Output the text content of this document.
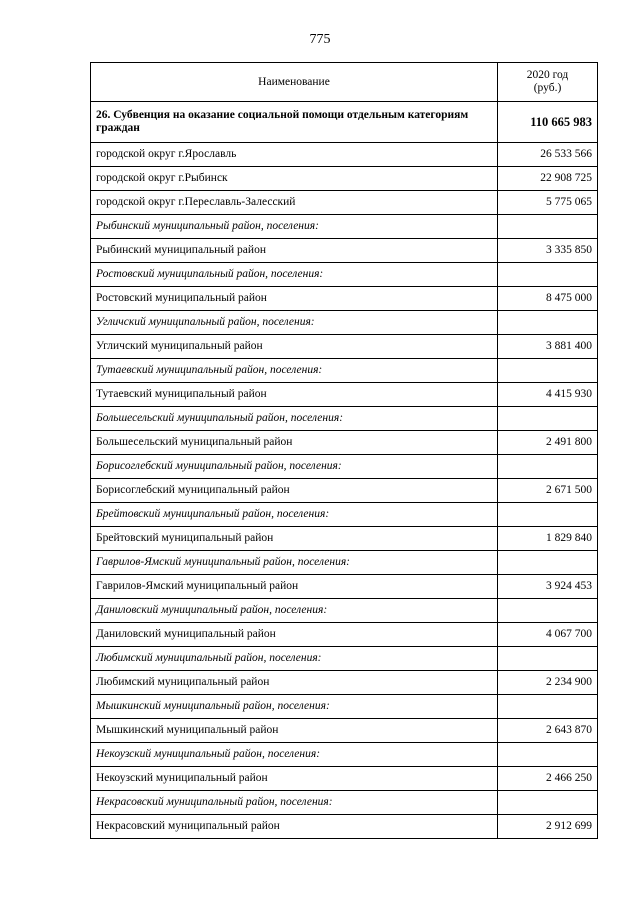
775
Наименование	2020 год
(руб.)
26. Субвенция на оказание социальной помощи отдельным категориям граждан	110 665 983
городской округ г.Ярославль	26 533 566
городской округ г.Рыбинск	22 908 725
городской округ г.Переславль-Залесский	5 775 065
Рыбинский муниципальный район, поселения:	
Рыбинский муниципальный район	3 335 850
Ростовский муниципальный район, поселения:	
Ростовский муниципальный район	8 475 000
Угличский муниципальный район, поселения:	
Угличский муниципальный район	3 881 400
Тутаевский муниципальный район, поселения:	
Тутаевский муниципальный район	4 415 930
Большесельский муниципальный район, поселения:	
Большесельский муниципальный район	2 491 800
Борисоглебский муниципальный район, поселения:	
Борисоглебский муниципальный район	2 671 500
Брейтовский муниципальный район, поселения:	
Брейтовский муниципальный район	1 829 840
Гаврилов-Ямский муниципальный район, поселения:	
Гаврилов-Ямский муниципальный район	3 924 453
Даниловский муниципальный район, поселения:	
Даниловский муниципальный район	4 067 700
Любимский муниципальный район, поселения:	
Любимский муниципальный район	2 234 900
Мышкинский муниципальный район, поселения:	
Мышкинский муниципальный район	2 643 870
Некоузский муниципальный район, поселения:	
Некоузский муниципальный район	2 466 250
Некрасовский муниципальный район, поселения:	
Некрасовский муниципальный район	2 912 699
